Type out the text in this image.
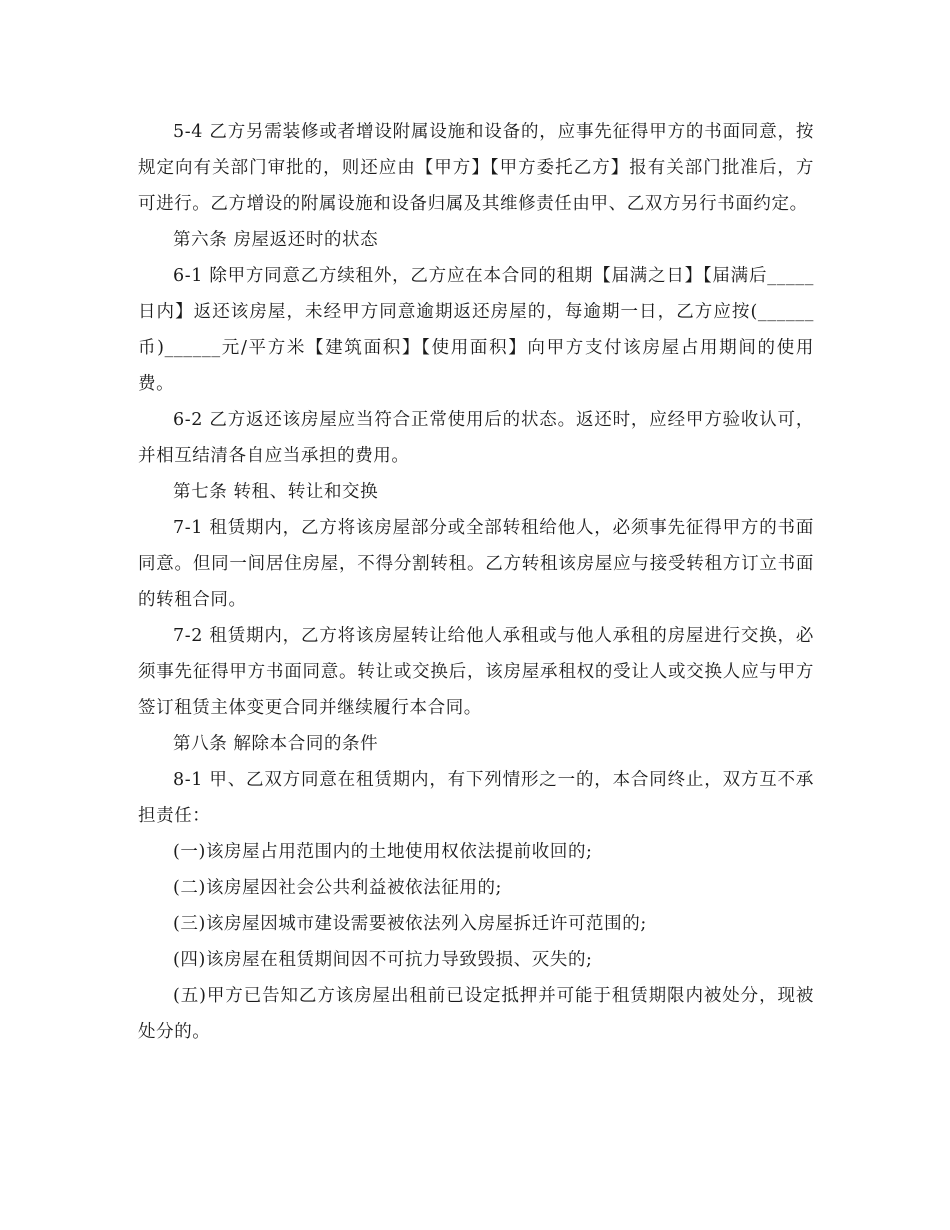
5-4 乙方另需装修或者增设附属设施和设备的，应事先征得甲方的书面同意，按规定向有关部门审批的，则还应由【甲方】【甲方委托乙方】报有关部门批准后，方可进行。乙方增设的附属设施和设备归属及其维修责任由甲、乙双方另行书面约定。

第六条 房屋返还时的状态

6-1 除甲方同意乙方续租外，乙方应在本合同的租期【届满之日】【届满后_____日内】返还该房屋，未经甲方同意逾期返还房屋的，每逾期一日，乙方应按(______币)______元/平方米【建筑面积】【使用面积】向甲方支付该房屋占用期间的使用费。

6-2 乙方返还该房屋应当符合正常使用后的状态。返还时，应经甲方验收认可，并相互结清各自应当承担的费用。

第七条 转租、转让和交换

7-1 租赁期内，乙方将该房屋部分或全部转租给他人，必须事先征得甲方的书面同意。但同一间居住房屋，不得分割转租。乙方转租该房屋应与接受转租方订立书面的转租合同。

7-2 租赁期内，乙方将该房屋转让给他人承租或与他人承租的房屋进行交换，必须事先征得甲方书面同意。转让或交换后，该房屋承租权的受让人或交换人应与甲方签订租赁主体变更合同并继续履行本合同。

第八条 解除本合同的条件

8-1 甲、乙双方同意在租赁期内，有下列情形之一的，本合同终止，双方互不承担责任：

(一)该房屋占用范围内的土地使用权依法提前收回的;

(二)该房屋因社会公共利益被依法征用的;

(三)该房屋因城市建设需要被依法列入房屋拆迁许可范围的;

(四)该房屋在租赁期间因不可抗力导致毁损、灭失的;

(五)甲方已告知乙方该房屋出租前已设定抵押并可能于租赁期限内被处分，现被处分的。
